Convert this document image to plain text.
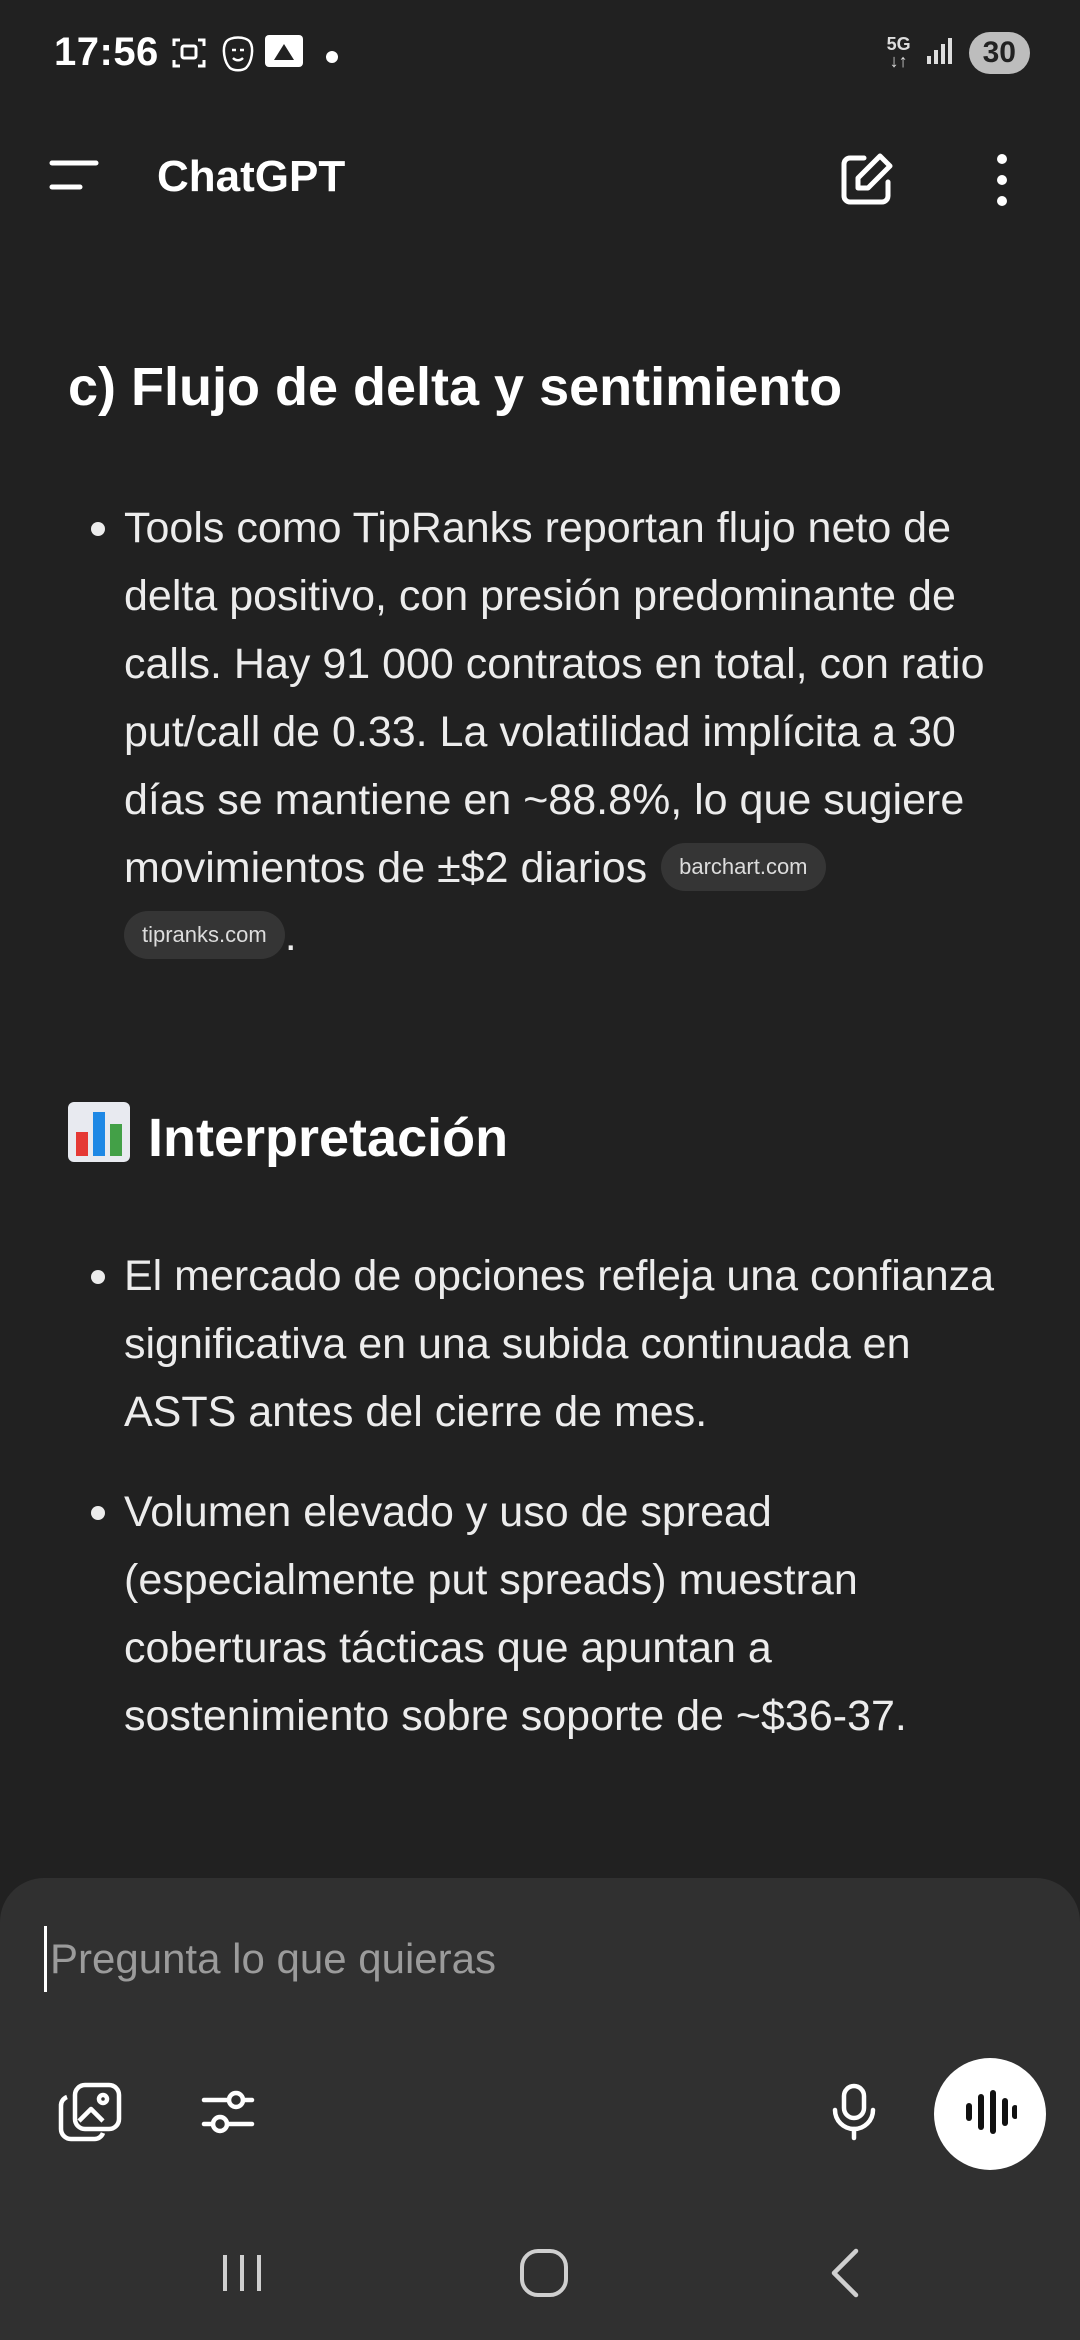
17:56	5G
↓↑	30
ChatGPT
c) Flujo de delta y sentimiento
Tools como TipRanks reportan flujo neto de delta positivo, con presión predominante de calls. Hay 91 000 contratos en total, con ratio put/call de 0.33. La volatilidad implícita a 30 días se mantiene en ~88.8%, lo que sugiere movimientos de ±$2 diarios barchart.com
tipranks.com .
Interpretación
El mercado de opciones refleja una confianza significativa en una subida continuada en ASTS antes del cierre de mes.
Volumen elevado y uso de spread (especialmente put spreads) muestran coberturas tácticas que apuntan a sostenimiento sobre soporte de ~$36-37.
Pregunta lo que quieras
